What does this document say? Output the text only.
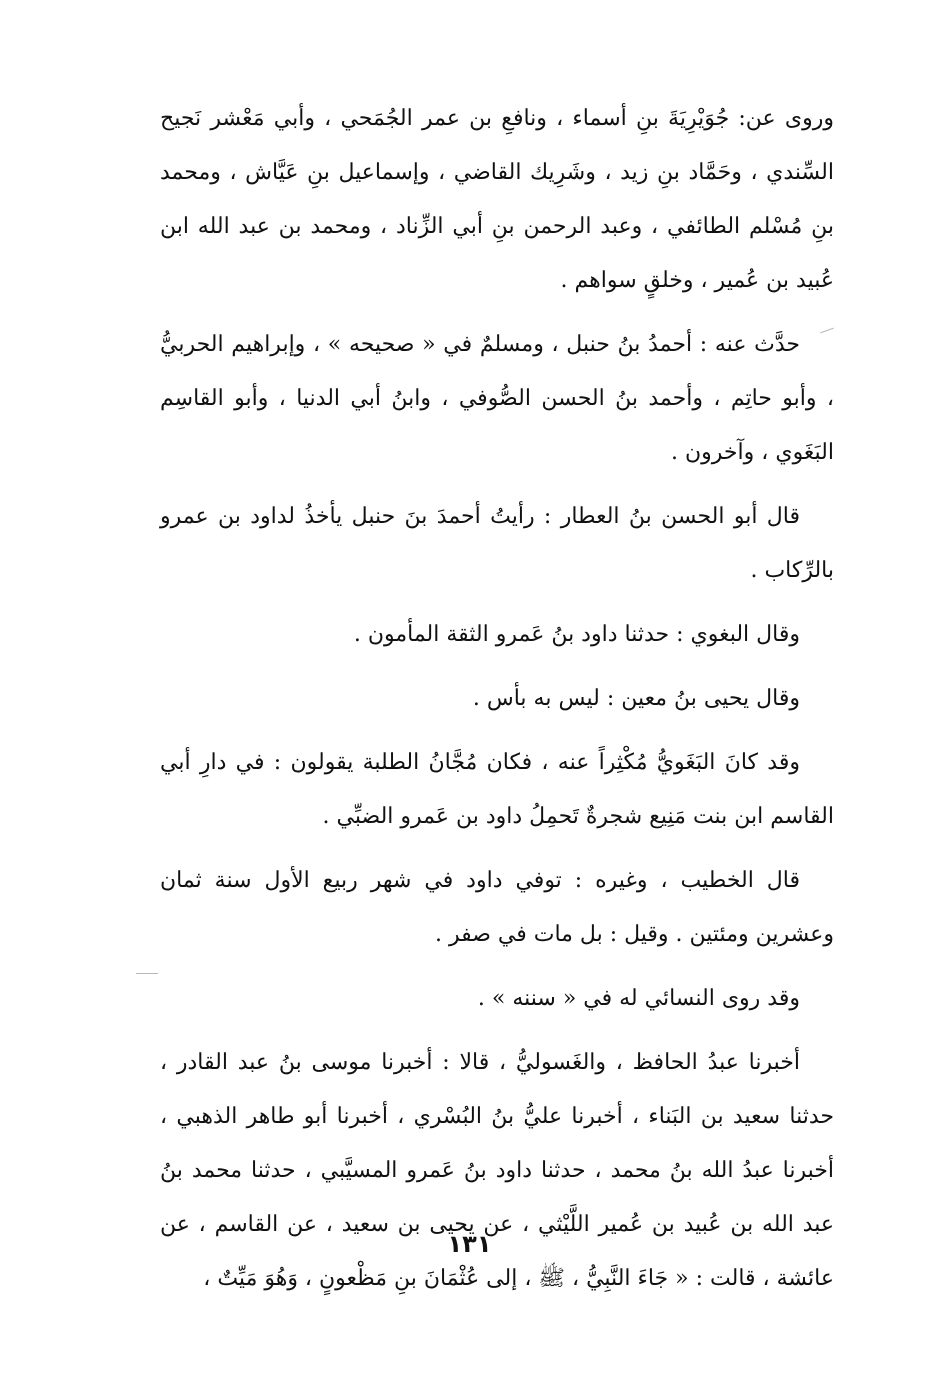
وروى عن: جُوَيْرِيَةَ بنِ أسماء ، ونافعِ بن عمر الجُمَحي ، وأبي مَعْشر نَجيح السِّندي ، وحَمَّاد بنِ زيد ، وشَرِيك القاضي ، وإسماعيل بنِ عَيَّاش ، ومحمد بنِ مُسْلم الطائفي ، وعبد الرحمن بنِ أبي الزِّناد ، ومحمد بن عبد الله ابن عُبيد بن عُمير ، وخلقٍ سواهم .

حدَّث عنه : أحمدُ بنُ حنبل ، ومسلمٌ في « صحيحه » ، وإبراهيم الحربيُّ ، وأبو حاتِم ، وأحمد بنُ الحسن الصُّوفي ، وابنُ أبي الدنيا ، وأبو القاسِم البَغَوي ، وآخرون .

قال أبو الحسن بنُ العطار : رأيتُ أحمدَ بنَ حنبل يأخذُ لداود بن عمرو بالرِّكاب .

وقال البغوي : حدثنا داود بنُ عَمرو الثقة المأمون .

وقال يحيى بنُ معين : ليس به بأس .

وقد كانَ البَغَويُّ مُكْثِراً عنه ، فكان مُجَّانُ الطلبة يقولون : في دارِ أبي القاسم ابن بنت مَنِيع شجرةٌ تَحمِلُ داود بن عَمرو الضبِّي .

قال الخطيب ، وغيره : توفي داود في شهر ربيع الأول سنة ثمان وعشرين ومئتين . وقيل : بل مات في صفر .

وقد روى النسائي له في « سننه » .

أخبرنا عبدُ الحافظ ، والغَسوليُّ ، قالا : أخبرنا موسى بنُ عبد القادر ، حدثنا سعيد بن البَناء ، أخبرنا عليُّ بنُ البُسْري ، أخبرنا أبو طاهر الذهبي ، أخبرنا عبدُ الله بنُ محمد ، حدثنا داود بنُ عَمرو المسيَّبي ، حدثنا محمد بنُ عبد الله بن عُبيد بن عُمير اللَّيْثي ، عن يحيى بن سعيد ، عن القاسم ، عن عائشة ، قالت : « جَاءَ النَّبِيُّ ، ﷺ ، إلى عُثْمَانَ بنِ مَظْعونٍ ، وَهُوَ مَيِّتٌ ،

١٣١
